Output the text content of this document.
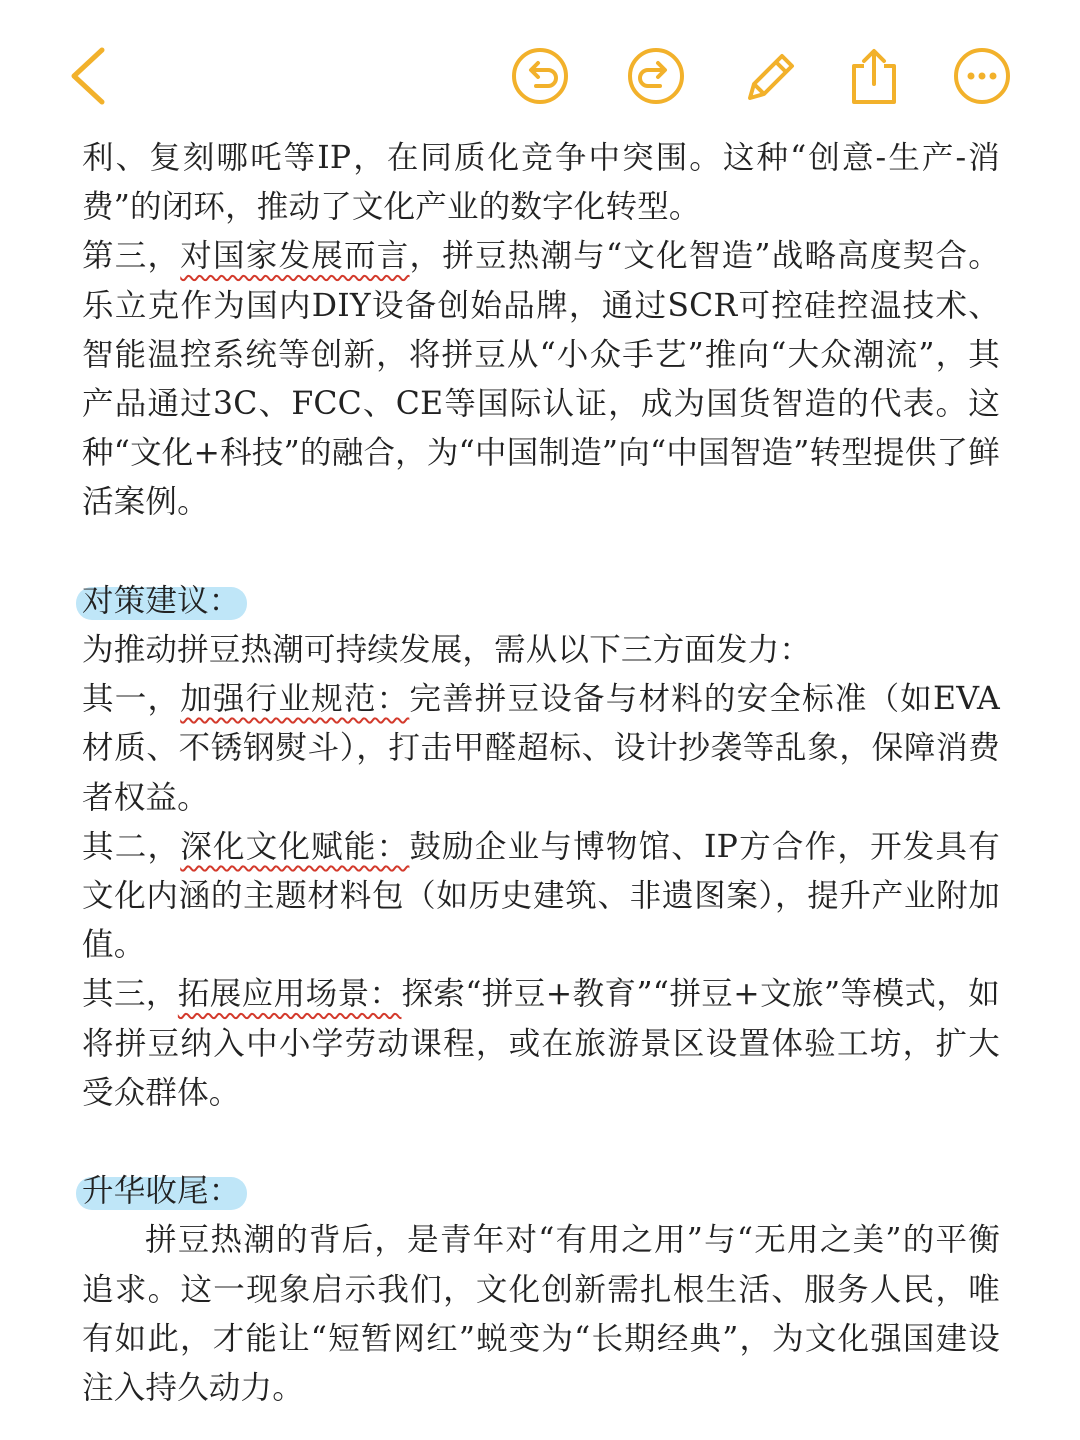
利、复刻哪吒等IP，在同质化竞争中突围。这种“创意-生产-消费”的闭环，推动了文化产业的数字化转型。

第三，对国家发展而言，拼豆热潮与“文化智造”战略高度契合。乐立克作为国内DIY设备创始品牌，通过SCR可控硅控温技术、智能温控系统等创新，将拼豆从“小众手艺”推向“大众潮流”，其产品通过3C、FCC、CE等国际认证，成为国货智造的代表。这种“文化+科技”的融合，为“中国制造”向“中国智造”转型提供了鲜活案例。

对策建议：

为推动拼豆热潮可持续发展，需从以下三方面发力：

其一，加强行业规范：完善拼豆设备与材料的安全标准（如EVA材质、不锈钢熨斗），打击甲醛超标、设计抄袭等乱象，保障消费者权益。

其二，深化文化赋能：鼓励企业与博物馆、IP方合作，开发具有文化内涵的主题材料包（如历史建筑、非遗图案），提升产业附加值。

其三，拓展应用场景：探索“拼豆+教育”“拼豆+文旅”等模式，如将拼豆纳入中小学劳动课程，或在旅游景区设置体验工坊，扩大受众群体。

升华收尾：

拼豆热潮的背后，是青年对“有用之用”与“无用之美”的平衡追求。这一现象启示我们，文化创新需扎根生活、服务人民，唯有如此，才能让“短暂网红”蜕变为“长期经典”，为文化强国建设注入持久动力。
